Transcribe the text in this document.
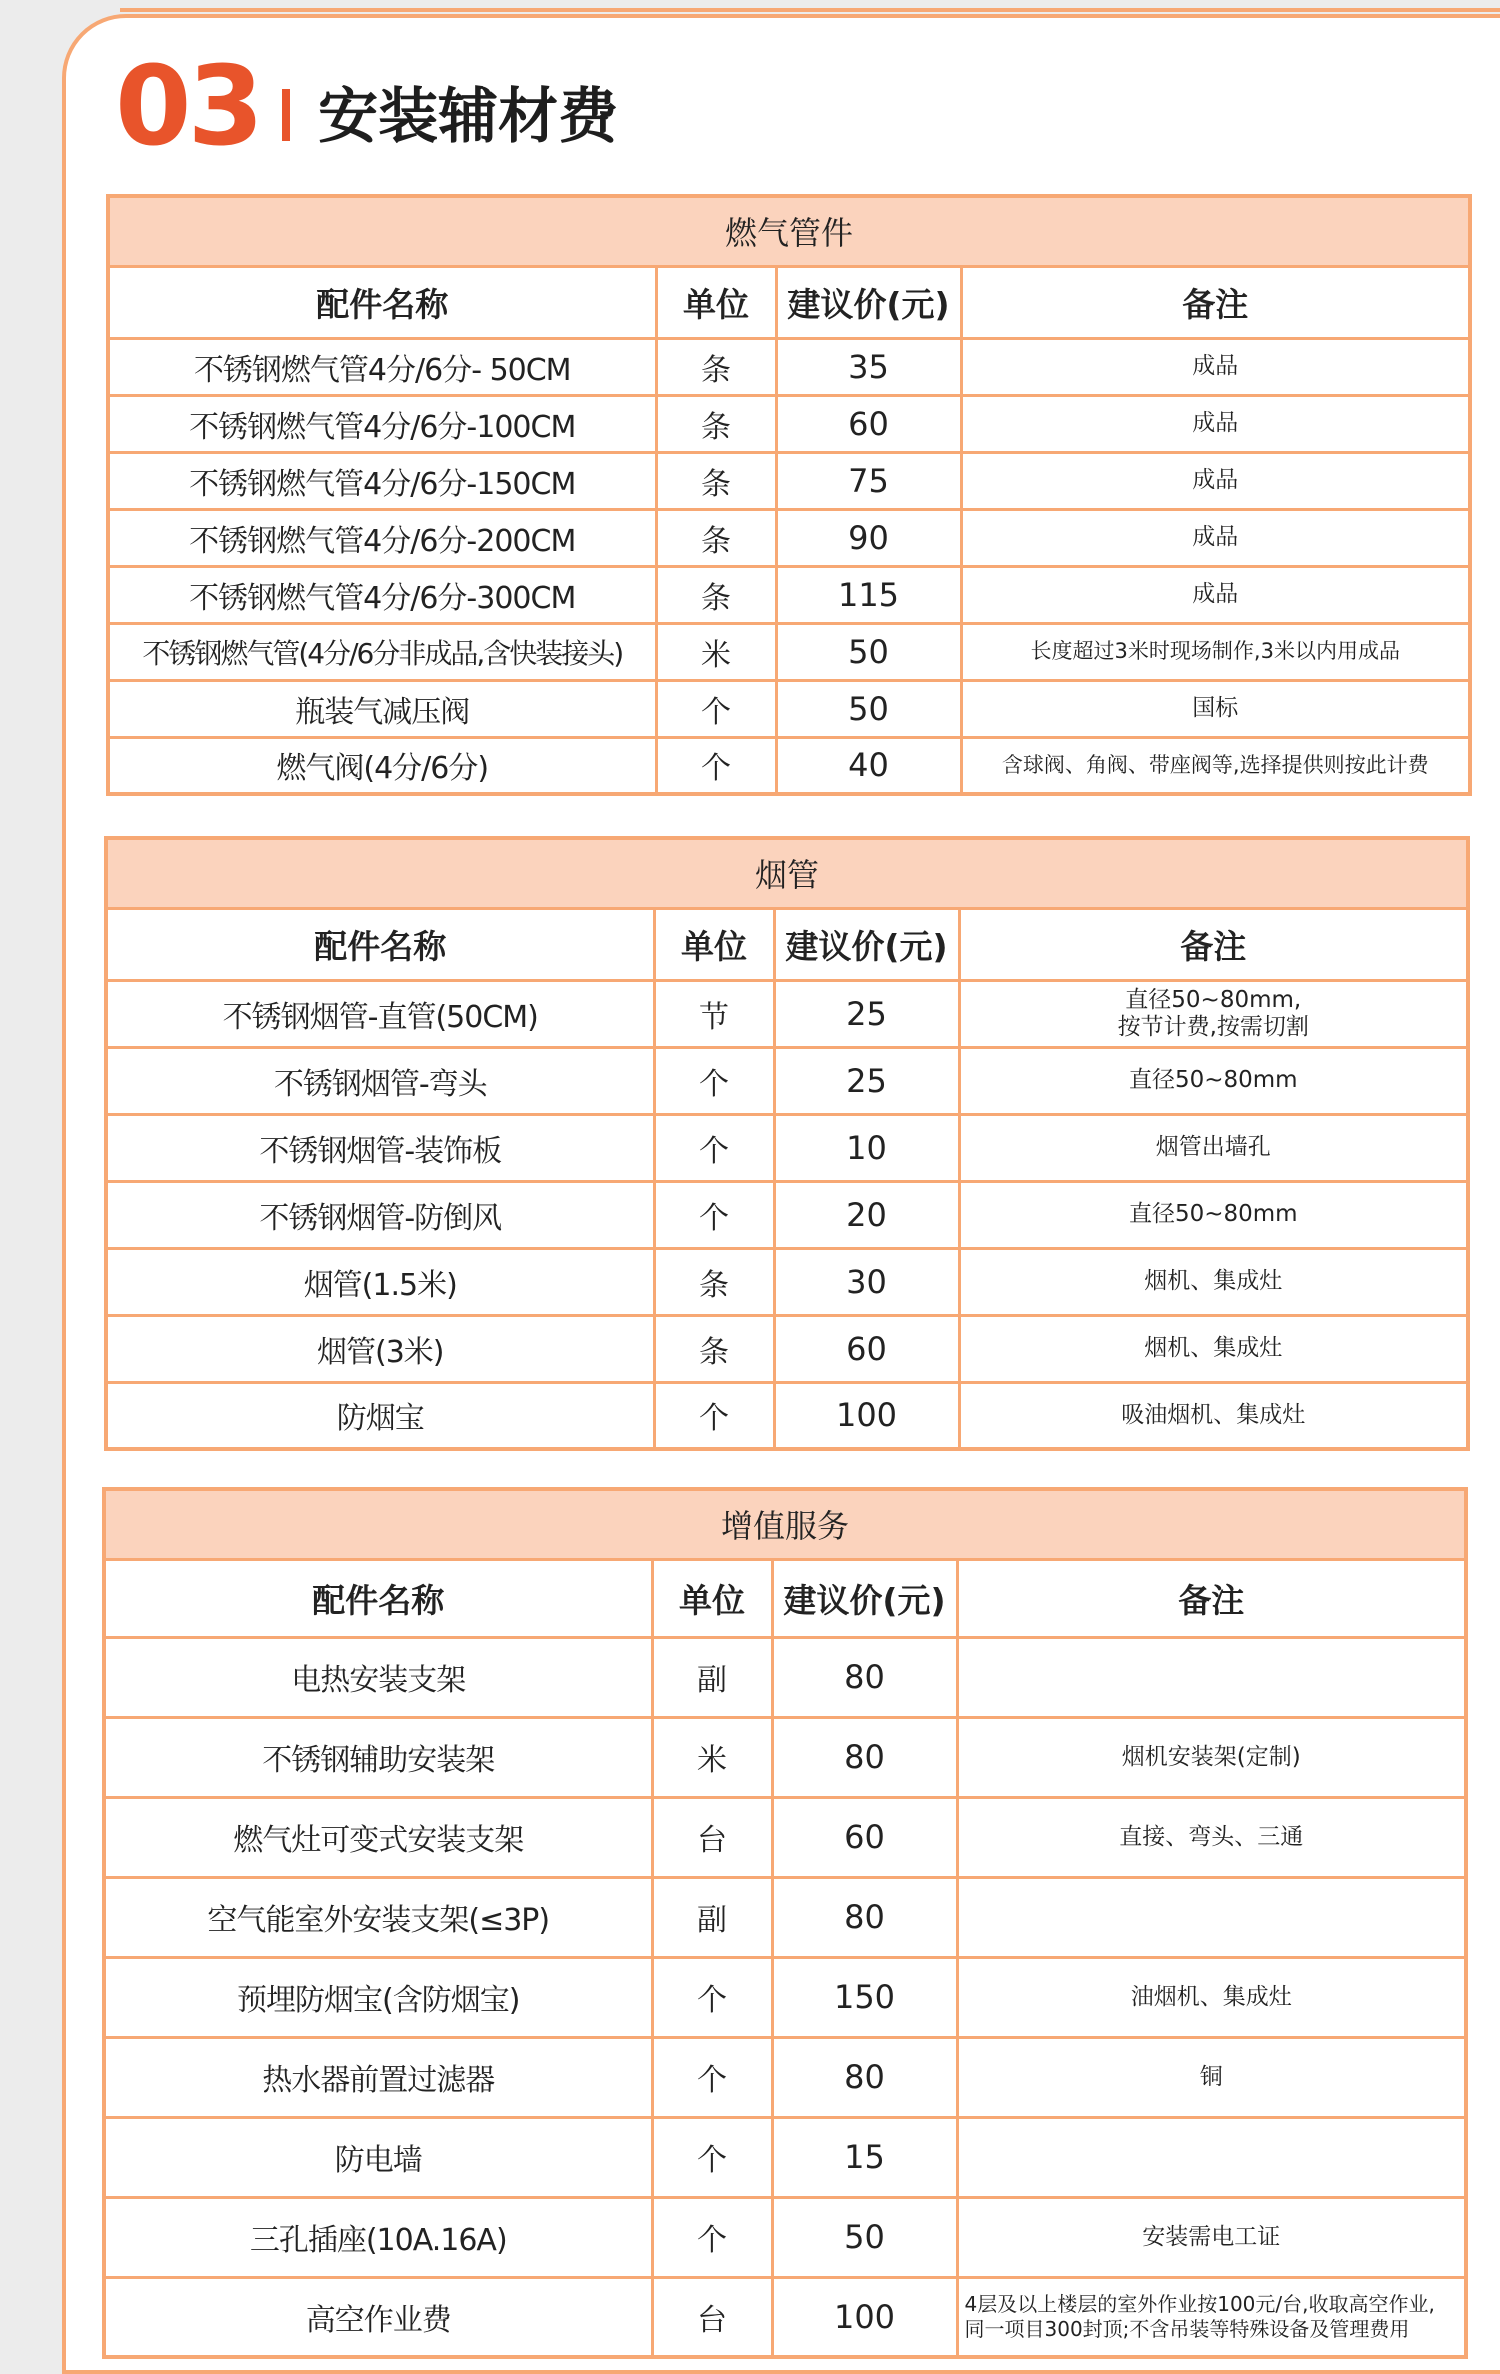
03 安装辅材费
燃气管件			
配件名称	单位	建议价(元)	备注
不锈钢燃气管4分/6分- 50CM	条	35	成品
不锈钢燃气管4分/6分-100CM	条	60	成品
不锈钢燃气管4分/6分-150CM	条	75	成品
不锈钢燃气管4分/6分-200CM	条	90	成品
不锈钢燃气管4分/6分-300CM	条	115	成品
不锈钢燃气管(4分/6分非成品,含快装接头)	米	50	长度超过3米时现场制作,3米以内用成品
瓶装气减压阀	个	50	国标
燃气阀(4分/6分)	个	40	含球阀、角阀、带座阀等,选择提供则按此计费
烟管			
配件名称	单位	建议价(元)	备注
不锈钢烟管-直管(50CM)	节	25	直径50~80mm,
按节计费,按需切割

不锈钢烟管-弯头	个	25	直径50~80mm
不锈钢烟管-装饰板	个	10	烟管出墙孔
不锈钢烟管-防倒风	个	20	直径50~80mm
烟管(1.5米)	条	30	烟机、集成灶
烟管(3米)	条	60	烟机、集成灶
防烟宝	个	100	吸油烟机、集成灶
增值服务			
配件名称	单位	建议价(元)	备注
电热安装支架	副	80	
不锈钢辅助安装架	米	80	烟机安装架(定制)
燃气灶可变式安装支架	台	60	直接、弯头、三通
空气能室外安装支架(≤3P)	副	80	
预埋防烟宝(含防烟宝)	个	150	油烟机、集成灶
热水器前置过滤器	个	80	铜
防电墙	个	15	
三孔插座(10A.16A)	个	50	安装需电工证
高空作业费	台	100	4层及以上楼层的室外作业按100元/台,收取高空作业,
同一项目300封顶;不含吊装等特殊设备及管理费用
